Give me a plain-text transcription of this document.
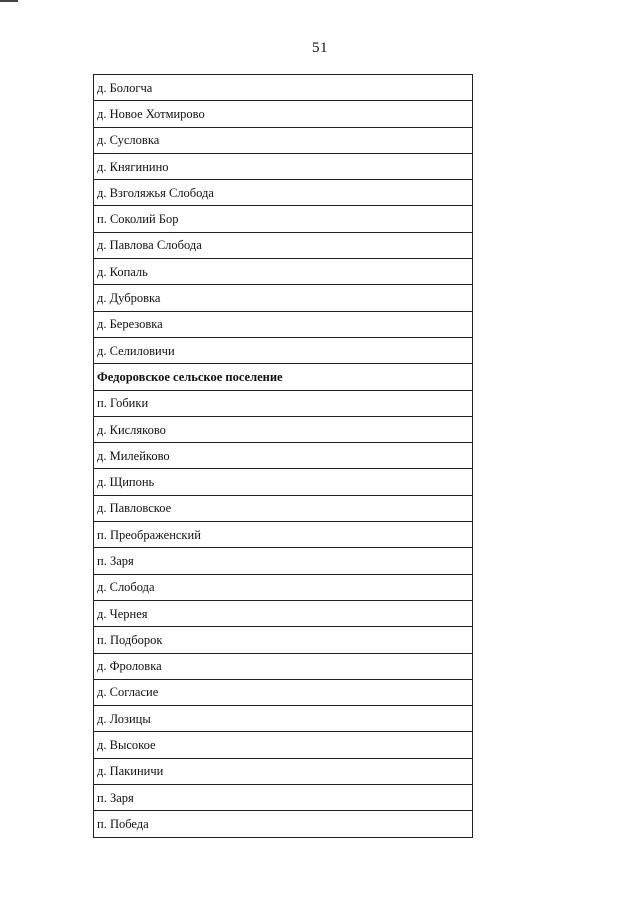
51
д. Бологча
д. Новое Хотмирово
д. Сусловка
д. Княгинино
д. Взголяжья Слобода
п. Соколий Бор
д. Павлова Слобода
д. Копаль
д. Дубровка
д. Березовка
д. Селиловичи
Федоровское сельское поселение
п. Гобики
д. Кисляково
д. Милейково
д. Щипонь
д. Павловское
п. Преображенский
п. Заря
д. Слобода
д. Чернея
п. Подборок
д. Фроловка
д. Согласие
д. Лозицы
д. Высокое
д. Пакиничи
п. Заря
п. Победа
